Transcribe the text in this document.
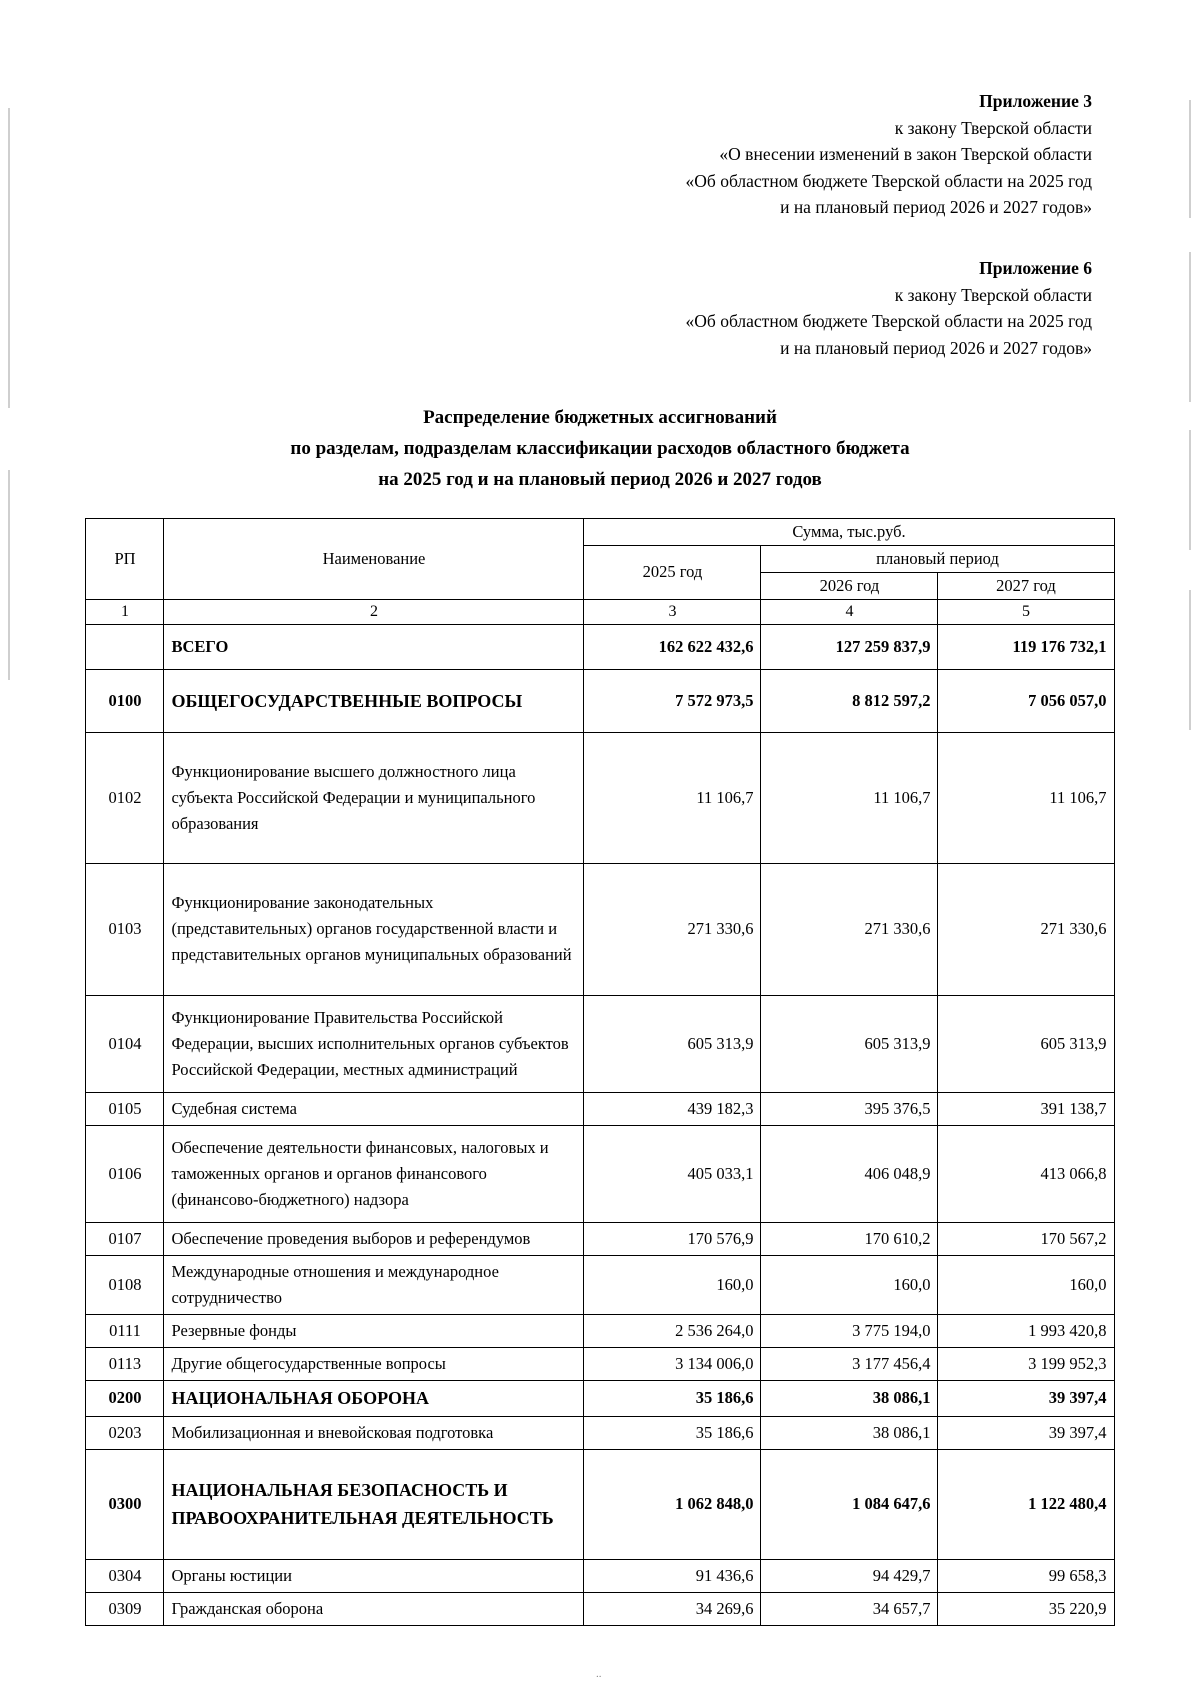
Приложение 3
к закону Тверской области
«О внесении изменений в закон Тверской области
«Об областном бюджете Тверской области на 2025 год
и на плановый период 2026 и 2027 годов»
Приложение 6
к закону Тверской области
«Об областном бюджете Тверской области на 2025 год
и на плановый период 2026 и 2027 годов»
Распределение бюджетных ассигнований
по разделам, подразделам классификации расходов областного бюджета
на 2025 год и на плановый период 2026 и 2027 годов
РП	Наименование	Сумма, тыс.руб.		
		2025 год	плановый период	
			2026 год	2027 год
1	2	3	4	5
	ВСЕГО	162 622 432,6	127 259 837,9	119 176 732,1
0100	ОБЩЕГОСУДАРСТВЕННЫЕ ВОПРОСЫ	7 572 973,5	8 812 597,2	7 056 057,0
0102	Функционирование высшего должностного лица субъекта Российской Федерации и муниципального образования	11 106,7	11 106,7	11 106,7
0103	Функционирование законодательных (представительных) органов государственной власти и представительных органов муниципальных образований	271 330,6	271 330,6	271 330,6
0104	Функционирование Правительства Российской Федерации, высших исполнительных органов субъектов Российской Федерации, местных администраций	605 313,9	605 313,9	605 313,9
0105	Судебная система	439 182,3	395 376,5	391 138,7
0106	Обеспечение деятельности финансовых, налоговых и таможенных органов и органов финансового (финансово-бюджетного) надзора	405 033,1	406 048,9	413 066,8
0107	Обеспечение проведения выборов и референдумов	170 576,9	170 610,2	170 567,2
0108	Международные отношения и международное сотрудничество	160,0	160,0	160,0
0111	Резервные фонды	2 536 264,0	3 775 194,0	1 993 420,8
0113	Другие общегосударственные вопросы	3 134 006,0	3 177 456,4	3 199 952,3
0200	НАЦИОНАЛЬНАЯ ОБОРОНА	35 186,6	38 086,1	39 397,4
0203	Мобилизационная и вневойсковая подготовка	35 186,6	38 086,1	39 397,4
0300	НАЦИОНАЛЬНАЯ БЕЗОПАСНОСТЬ И ПРАВООХРАНИТЕЛЬНАЯ ДЕЯТЕЛЬНОСТЬ	1 062 848,0	1 084 647,6	1 122 480,4
0304	Органы юстиции	91 436,6	94 429,7	99 658,3
0309	Гражданская оборона	34 269,6	34 657,7	35 220,9
..
